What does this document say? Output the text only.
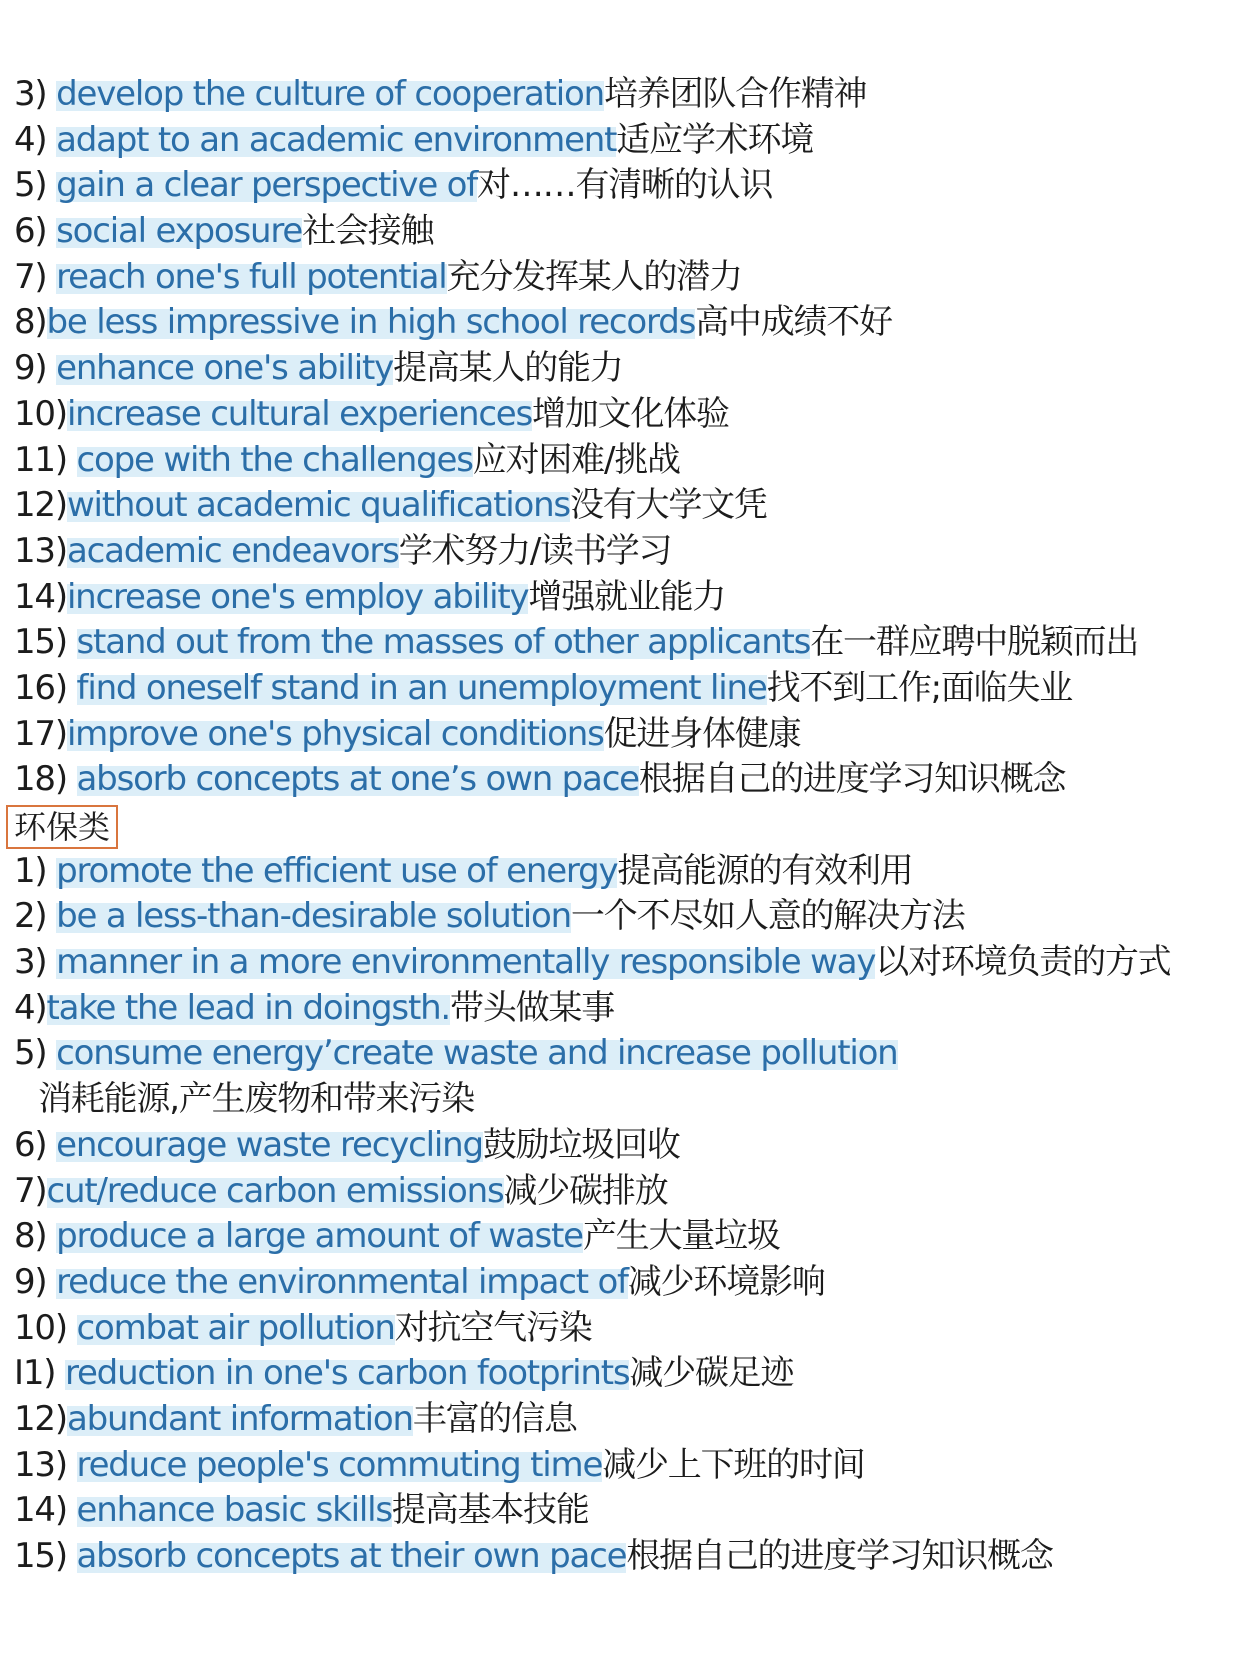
3) develop the culture of cooperation培养团队合作精神
4) adapt to an academic environment适应学术环境
5) gain a clear perspective of对……有清晰的认识
6) social exposure社会接触
7) reach one's full potential充分发挥某人的潜力
8)be less impressive in high school records高中成绩不好
9) enhance one's ability提高某人的能力
10)increase cultural experiences增加文化体验
11) cope with the challenges应对困难/挑战
12)without academic qualifications没有大学文凭
13)academic endeavors学术努力/读书学习
14)increase one's employ ability增强就业能力
15) stand out from the masses of other applicants在一群应聘中脱颖而出
16) find oneself stand in an unemployment line找不到工作;面临失业
17)improve one's physical conditions促进身体健康
18) absorb concepts at one’s own pace根据自己的进度学习知识概念
环保类
1) promote the efficient use of energy提高能源的有效利用
2) be a less-than-desirable solution一个不尽如人意的解决方法
3) manner in a more environmentally responsible way以对环境负责的方式
4)take the lead in doingsth.带头做某事
5) consume energy’create waste and increase pollution
消耗能源,产生废物和带来污染
6) encourage waste recycling鼓励垃圾回收
7)cut/reduce carbon emissions减少碳排放
8) produce a large amount of waste产生大量垃圾
9) reduce the environmental impact of减少环境影响
10) combat air pollution对抗空气污染
I1) reduction in one's carbon footprints减少碳足迹
12)abundant information丰富的信息
13) reduce people's commuting time减少上下班的时间
14) enhance basic skills提高基本技能
15) absorb concepts at their own pace根据自己的进度学习知识概念
